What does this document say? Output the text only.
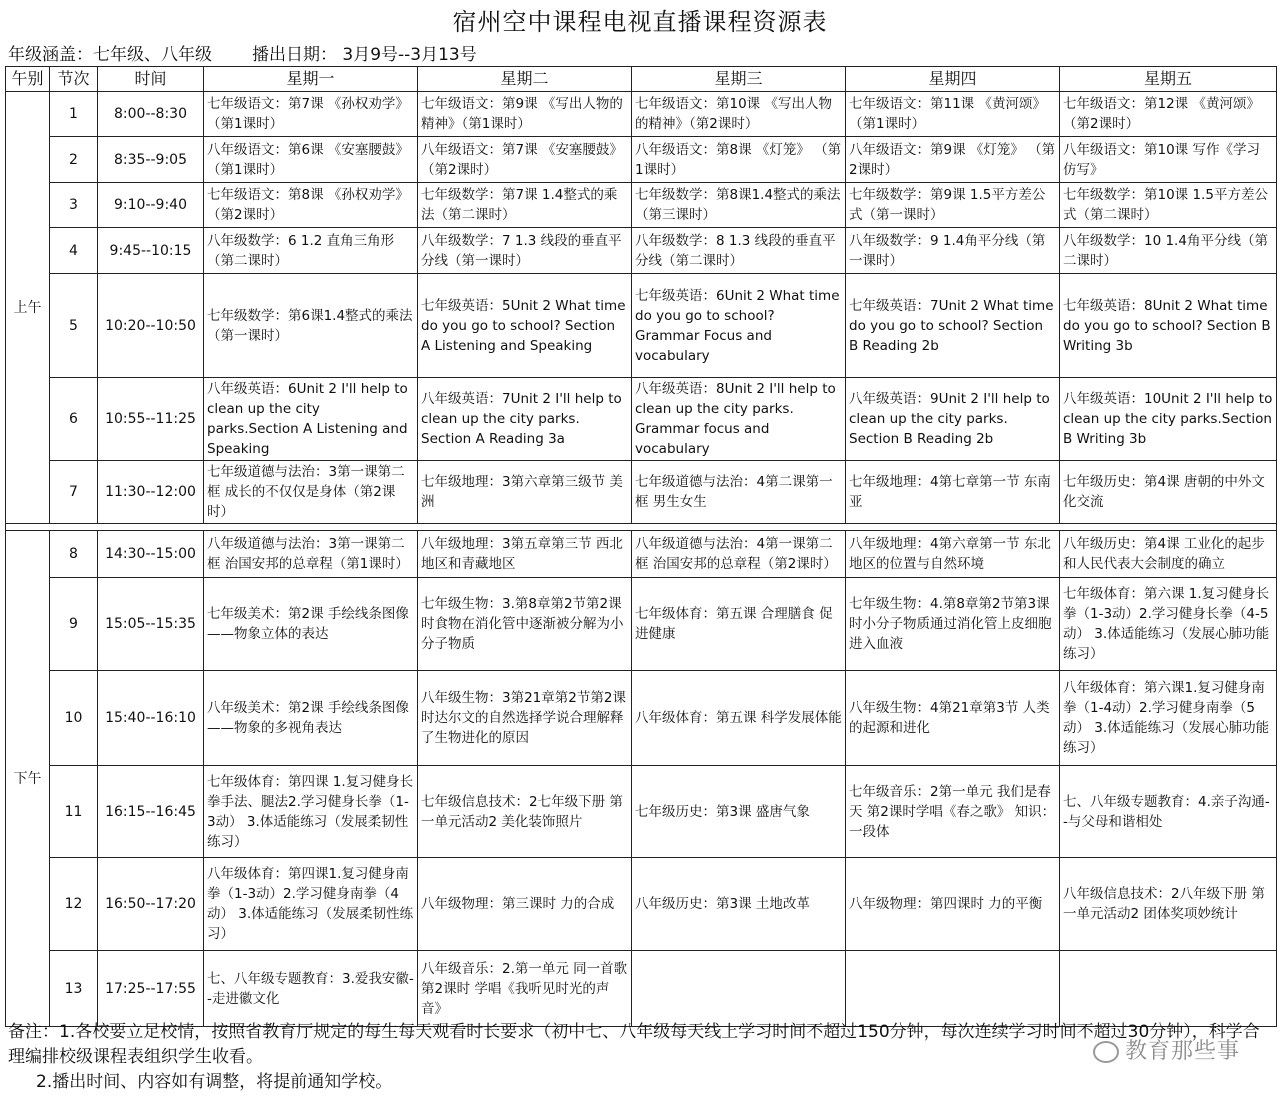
宿州空中课程电视直播课程资源表
年级涵盖：七年级、八年级 播出日期： 3月9号--3月13号
午别	节次	时间	星期一	星期二	星期三	星期四	星期五
上午	1	8:00--8:30	七年级语文：第7课 《孙权劝学》（第1课时）	七年级语文：第9课 《写出人物的精神》（第1课时）	七年级语文：第10课 《写出人物的精神》（第2课时）	七年级语文：第11课 《黄河颂》（第1课时）	七年级语文：第12课 《黄河颂》（第2课时）
	2	8:35--9:05	八年级语文：第6课 《安塞腰鼓》（第1课时）	八年级语文：第7课 《安塞腰鼓》（第2课时）	八年级语文：第8课 《灯笼》 （第1课时）	八年级语文：第9课 《灯笼》 （第2课时）	八年级语文：第10课 写作《学习仿写》
	3	9:10--9:40	七年级语文：第8课 《孙权劝学》（第2课时）	七年级数学：第7课 1.4整式的乘法（第二课时）	七年级数学：第8课1.4整式的乘法（第三课时）	七年级数学：第9课 1.5平方差公式（第一课时）	七年级数学：第10课 1.5平方差公式（第二课时）
	4	9:45--10:15	八年级数学：6 1.2 直角三角形（第二课时）	八年级数学：7 1.3 线段的垂直平分线（第一课时）	八年级数学：8 1.3 线段的垂直平分线（第二课时）	八年级数学：9 1.4角平分线（第一课时）	八年级数学：10 1.4角平分线（第二课时）
	5	10:20--10:50	七年级数学：第6课1.4整式的乘法（第一课时）	七年级英语：5Unit 2 What time do you go to school? Section A Listening and Speaking	七年级英语：6Unit 2 What time do you go to school? Grammar Focus and vocabulary	七年级英语：7Unit 2 What time do you go to school? Section B Reading 2b	七年级英语：8Unit 2 What time do you go to school? Section B Writing 3b
	6	10:55--11:25	八年级英语：6Unit 2 I'll help to clean up the city parks.Section A Listening and Speaking	八年级英语：7Unit 2 I'll help to clean up the city parks. Section A Reading 3a	八年级英语：8Unit 2 I'll help to clean up the city parks. Grammar focus and vocabulary	八年级英语：9Unit 2 I'll help to clean up the city parks. Section B Reading 2b	八年级英语：10Unit 2 I'll help to clean up the city parks.Section B Writing 3b
	7	11:30--12:00	七年级道德与法治：3第一课第二框 成长的不仅仅是身体（第2课时）	七年级地理：3第六章第三级节 美洲	七年级道德与法治：4第二课第一框 男生女生	七年级地理：4第七章第一节 东南亚	七年级历史：第4课 唐朝的中外文化交流

下午	8	14:30--15:00	八年级道德与法治：3第一课第二框 治国安邦的总章程（第1课时）	八年级地理：3第五章第三节 西北地区和青藏地区	八年级道德与法治：4第一课第二框 治国安邦的总章程（第2课时）	八年级地理：4第六章第一节 东北地区的位置与自然环境	八年级历史：第4课 工业化的起步和人民代表大会制度的确立
	9	15:05--15:35	七年级美术：第2课 手绘线条图像——物象立体的表达	七年级生物：3.第8章第2节第2课时食物在消化管中逐渐被分解为小分子物质	七年级体育：第五课 合理膳食 促进健康	七年级生物：4.第8章第2节第3课时小分子物质通过消化管上皮细胞进入血液	七年级体育：第六课 1.复习健身长拳（1-3动）2.学习健身长拳（4-5动） 3.体适能练习（发展心肺功能练习）
	10	15:40--16:10	八年级美术：第2课 手绘线条图像——物象的多视角表达	八年级生物：3第21章第2节第2课时达尔文的自然选择学说合理解释了生物进化的原因	八年级体育：第五课 科学发展体能	八年级生物：4第21章第3节 人类的起源和进化	八年级体育：第六课1.复习健身南拳（1-4动）2.学习健身南拳（5动） 3.体适能练习（发展心肺功能练习）
	11	16:15--16:45	七年级体育：第四课 1.复习健身长拳手法、腿法2.学习健身长拳（1-3动） 3.体适能练习（发展柔韧性练习）	七年级信息技术：2七年级下册 第一单元活动2 美化装饰照片	七年级历史：第3课 盛唐气象	七年级音乐：2第一单元 我们是春天 第2课时学唱《春之歌》 知识：一段体	七、八年级专题教育：4.亲子沟通--与父母和谐相处
	12	16:50--17:20	八年级体育：第四课1.复习健身南拳（1-3动）2.学习健身南拳（4动） 3.体适能练习（发展柔韧性练习）	八年级物理：第三课时 力的合成	八年级历史：第3课 土地改革	八年级物理：第四课时 力的平衡	八年级信息技术：2八年级下册 第一单元活动2 团体奖项妙统计
	13	17:25--17:55	七、八年级专题教育：3.爱我安徽--走进徽文化	八年级音乐：2.第一单元 同一首歌 第2课时 学唱《我听见时光的声音》			
备注：1.各校要立足校情，按照省教育厅规定的每生每天观看时长要求（初中七、八年级每天线上学习时间不超过150分钟，每次连续学习时间不超过30分钟），科学合理编排校级课程表组织学生收看。
2.播出时间、内容如有调整，将提前通知学校。
教育那些事
